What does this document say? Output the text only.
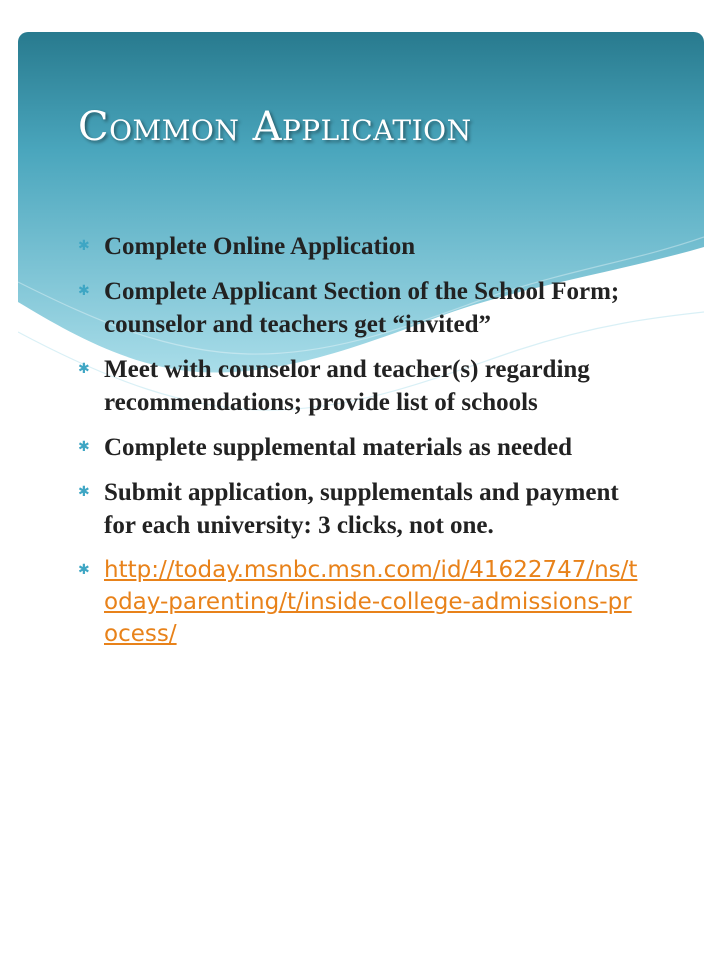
Common Application
✱ Complete Online Application
✱ Complete Applicant Section of the School Form; counselor and teachers get “invited”
✱ Meet with counselor and teacher(s) regarding recommendations; provide list of schools
✱ Complete supplemental materials as needed
✱ Submit application, supplementals and payment for each university: 3 clicks, not one.
✱ http://today.msnbc.msn.com/id/41622747/ns/today-parenting/t/inside-college-admissions-process/
